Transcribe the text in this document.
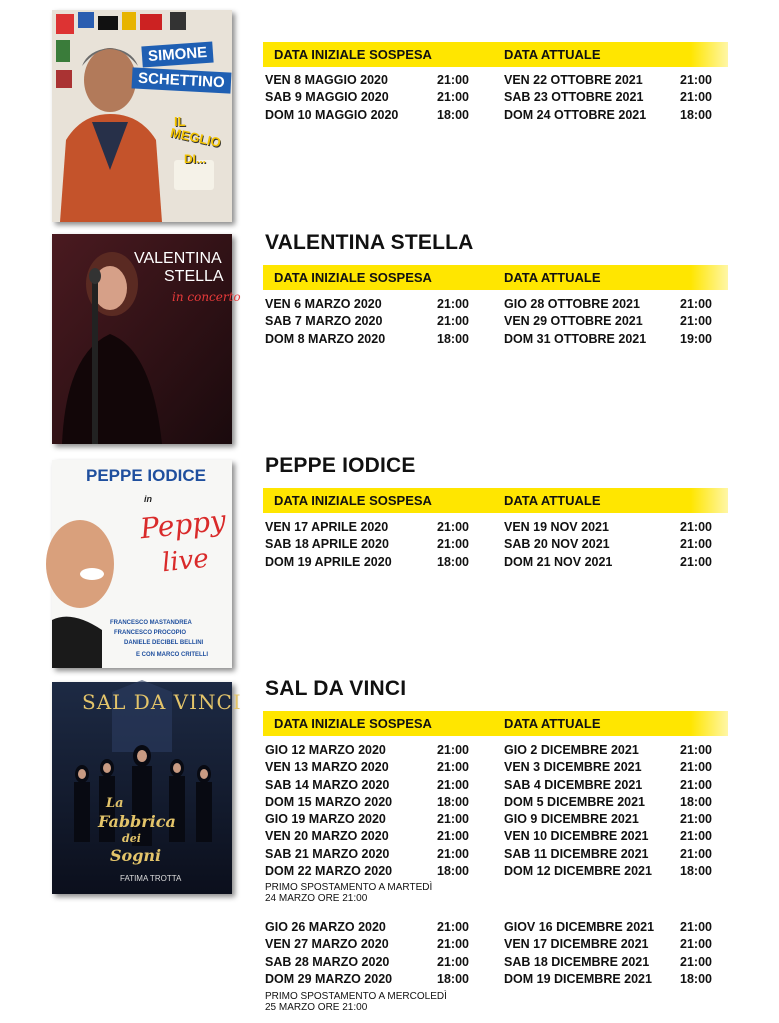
SIMONE
SCHETTINO
IL
MEGLIO
DI...
VALENTINA
STELLA
in concerto
PEPPE IODICE
in
Peppy
live
FRANCESCO MASTANDREA
FRANCESCO PROCOPIO
DANIELE DECIBEL BELLINI
E CON MARCO CRITELLI
SAL DA VINCI
La
Fabbrica
dei
Sogni
FATIMA TROTTA
DATA INIZIALE SOSPESA	DATA ATTUALE
VEN 8 MAGGIO 2020	21:00	VEN 22 OTTOBRE 2021	21:00
SAB 9 MAGGIO 2020	21:00	SAB 23 OTTOBRE 2021	21:00
DOM 10 MAGGIO 2020	18:00	DOM 24 OTTOBRE 2021	18:00
VALENTINA STELLA
DATA INIZIALE SOSPESA	DATA ATTUALE
VEN 6 MARZO 2020	21:00	GIO 28 OTTOBRE 2021	21:00
SAB 7 MARZO 2020	21:00	VEN 29 OTTOBRE 2021	21:00
DOM 8 MARZO 2020	18:00	DOM 31 OTTOBRE 2021	19:00
PEPPE IODICE
DATA INIZIALE SOSPESA	DATA ATTUALE
VEN 17 APRILE 2020	21:00	VEN 19 NOV 2021	21:00
SAB 18 APRILE 2020	21:00	SAB 20 NOV 2021	21:00
DOM 19 APRILE 2020	18:00	DOM 21 NOV 2021	21:00
SAL DA VINCI
DATA INIZIALE SOSPESA	DATA ATTUALE
GIO 12 MARZO 2020	21:00	GIO 2 DICEMBRE 2021	21:00
VEN 13 MARZO 2020	21:00	VEN 3 DICEMBRE 2021	21:00
SAB 14 MARZO 2020	21:00	SAB 4 DICEMBRE 2021	21:00
DOM 15 MARZO 2020	18:00	DOM 5 DICEMBRE 2021	18:00
GIO 19 MARZO 2020	21:00	GIO 9 DICEMBRE 2021	21:00
VEN 20 MARZO 2020	21:00	VEN 10 DICEMBRE 2021	21:00
SAB 21 MARZO 2020	21:00	SAB 11 DICEMBRE 2021	21:00
DOM 22 MARZO 2020	18:00	DOM 12 DICEMBRE 2021 18:00
PRIMO SPOSTAMENTO A MARTEDÌ
24 MARZO ORE 21:00
GIO 26 MARZO 2020	21:00	GIOV 16 DICEMBRE 2021 21:00
VEN 27 MARZO 2020	21:00	VEN 17 DICEMBRE 2021	21:00
SAB 28 MARZO 2020	21:00	SAB 18 DICEMBRE 2021 21:00
DOM 29 MARZO 2020	18:00	DOM 19 DICEMBRE 2021 18:00
PRIMO SPOSTAMENTO A MERCOLEDÌ
25 MARZO ORE 21:00
